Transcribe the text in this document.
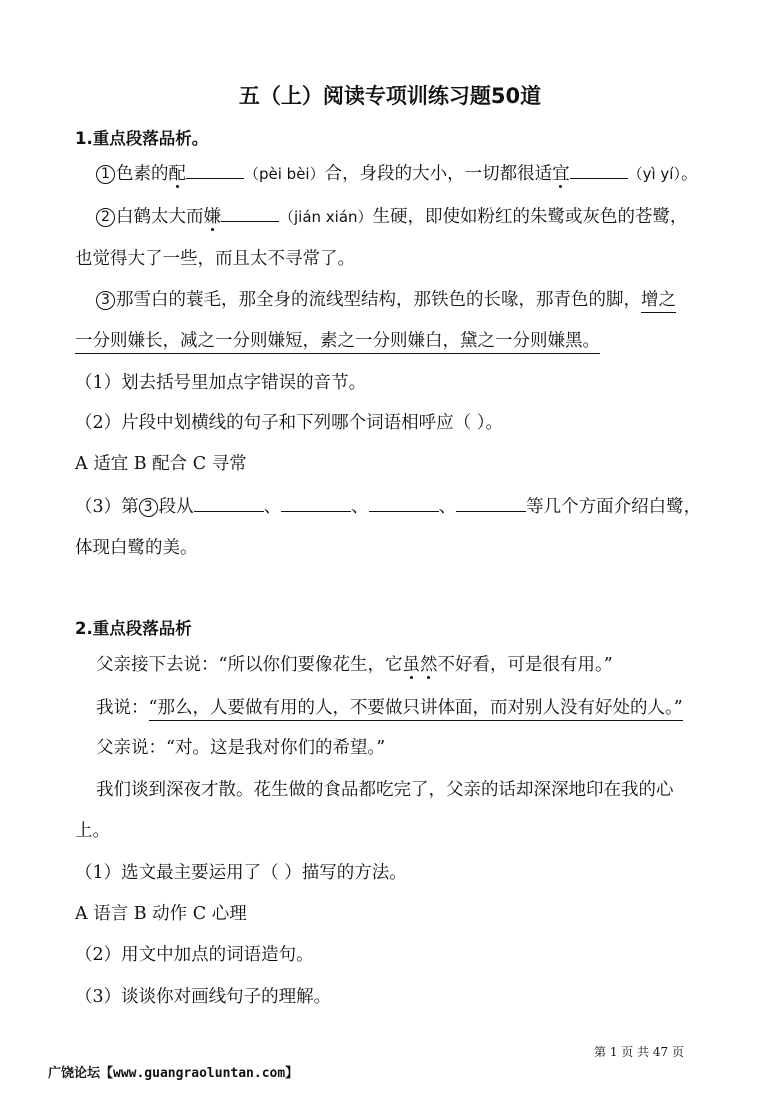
五（上）阅读专项训练习题50道
1.重点段落品析。
1 色素的配	（pèi bèi）合，身段的大小，一切都很适宜	（yì yí）。
2 白鹤太大而嫌	（jián xián）生硬，即使如粉红的朱鹭或灰色的苍鹭，
也觉得大了一些，而且太不寻常了。
3 那雪白的蓑毛，那全身的流线型结构，那铁色的长喙，那青色的脚，增之
一分则嫌长，减之一分则嫌短，素之一分则嫌白，黛之一分则嫌黑。
（1）划去括号里加点字错误的音节。
（2）片段中划横线的句子和下列哪个词语相呼应（ ）。
A 适宜 B 配合 C 寻常
（3）第 3 段从	、	、	、	等几个方面介绍白鹭，
体现白鹭的美。
2.重点段落品析
父亲接下去说：“所以你们要像花生，它虽然不好看，可是很有用。”
我说：“那么，人要做有用的人，不要做只讲体面，而对别人没有好处的人。”
父亲说：“对。这是我对你们的希望。”
我们谈到深夜才散。花生做的食品都吃完了，父亲的话却深深地印在我的心
上。
（1）选文最主要运用了（ ）描写的方法。
A 语言 B 动作 C 心理
（2）用文中加点的词语造句。
（3）谈谈你对画线句子的理解。
第 1 页 共 47 页
广饶论坛【www.guangraoluntan.com】
